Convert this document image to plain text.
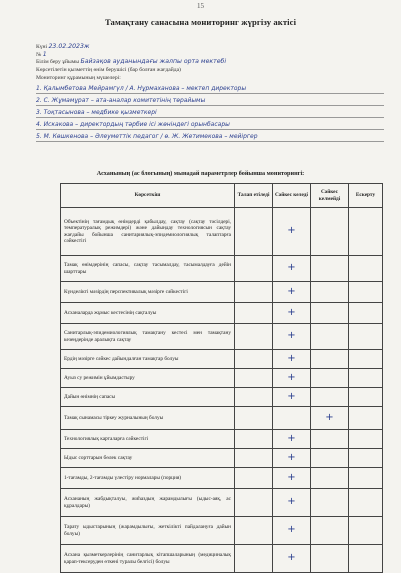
15
Тамақтану санасына мониторинг жүргізу актісі
Күні 23.02.2023ж
№ 1
Білім беру ұйымы Байзақов ауданындағы жалпы орта мектебі
Көрсетілетін қызметтің өнім берушісі (бар болған жағдайда)
Мониторинг құрамының мүшелері:
1. Қалымбетова Мейрамгүл / А. Нұрмаханова – мектеп директоры
2. С. Жұмамұрат – ата-аналар комитетінің төрайымы
3. Тоқтасынова – медбике қызметкері
4. Искакова – директордың тәрбие ісі жөніндегі орынбасары
5. М. Көшкенова – Әлеуметтік педагог / ө. Ж. Жетимекова – мейіргер
Асханының (ас блогының) мынадай параметрлер бойынша мониторингі:
Көрсеткіш	Талап етіледі	Сәйкес келеді	Сәйкес келмейді	Ескерту
Объектінің тағамдық өнімдерді қабылдау, сақтау (сақтау тәсілдері, температуралық режимдері) және дайындау технологиясын сақтау жағдайы бойынша санитариялық-эпидемиологиялық талаптарға сәйкестігі		+		
Тамақ өнімдерінің сапасы, сақтау тасымалдау, тасымалдауға дейін шарттары		+		
Күнделікті мәзірдің перспективалық мәзірге сәйкестігі		+		
Асханаларда жұмыс кестесінің сақталуы		+		
Санитарлық-эпидемиологиялық тамақтану кестесі мен тамақтану кезеңдерінде аралықта сақтау		+		
Ердің мәзірге сәйкес дайындалған тамақтар болуы		+		
Ауыз су режимін ұйымдастыру		+		
Дайын өнімнің сапасы		+		
Тамақ сынамасы тіркеу журналының болуы			+	
Технологиялық карталарға сәйкестігі		+		
Ыдыс сорттарын бөлек сақтау		+		
1-тағамды, 2-тағамды үлестіру нормалары (порция)		+		
Асхананың жабдықталуы, жиһаздың жарамдылығы (ыдыс-аяқ, ас құралдары)		+		
Тарату ыдыстарының (жарамдылығы, жеткілікті пайдалануға дайын болуы)		+		
Асхана қызметкерлерінің санитарлық кітапшаларының (медициналық қарап-тексеруден өткені туралы белгісі) болуы		+		
